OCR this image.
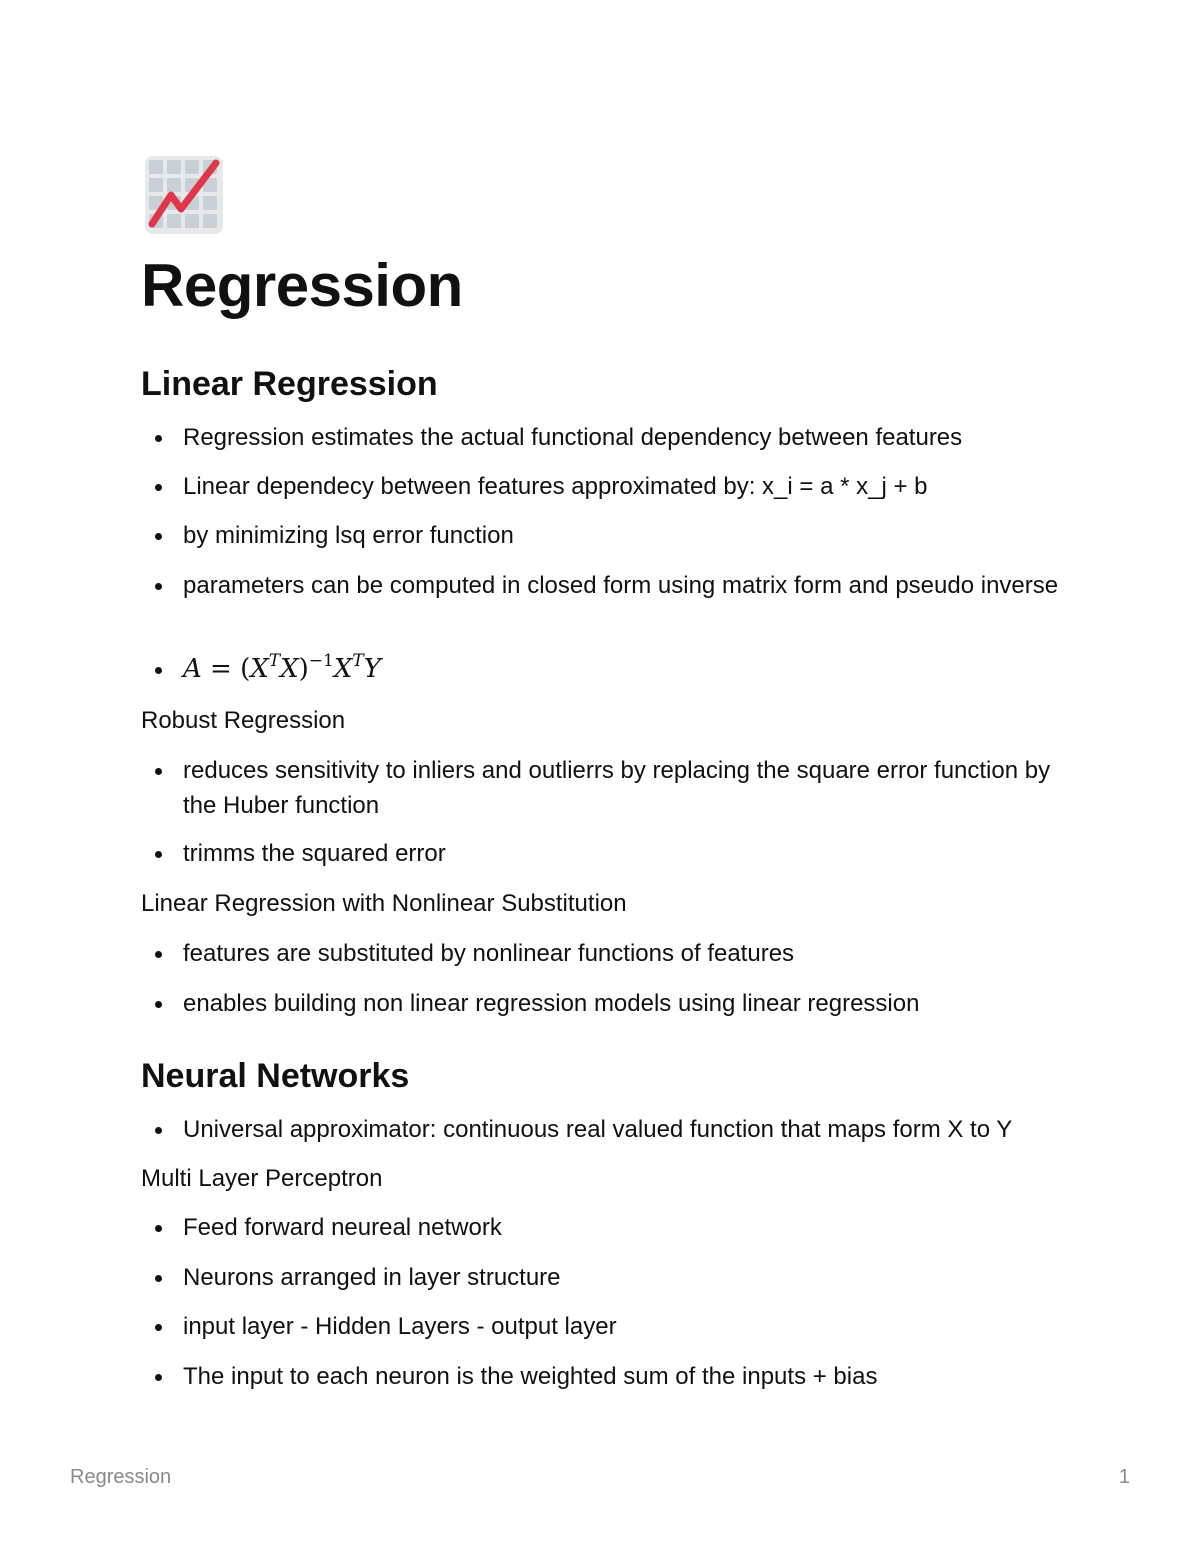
Regression
Linear Regression

Regression estimates the actual functional dependency between features

Linear dependecy between features approximated by: x_i = a * x_j + b

by minimizing lsq error function

parameters can be computed in closed form using matrix form and pseudo inverse

$A = (X^TX)^{-1}X^TY$

Robust Regression

reduces sensitivity to inliers and outlierrs by replacing the square error function by the Huber function

trimms the squared error

Linear Regression with Nonlinear Substitution

features are substituted by nonlinear functions of features

enables building non linear regression models using linear regression

Neural Networks

Universal approximator: continuous real valued function that maps form X to Y

Multi Layer Perceptron

Feed forward neureal network

Neurons arranged in layer structure

input layer - Hidden Layers - output layer

The input to each neuron is the weighted sum of the inputs + bias

Regression	1
